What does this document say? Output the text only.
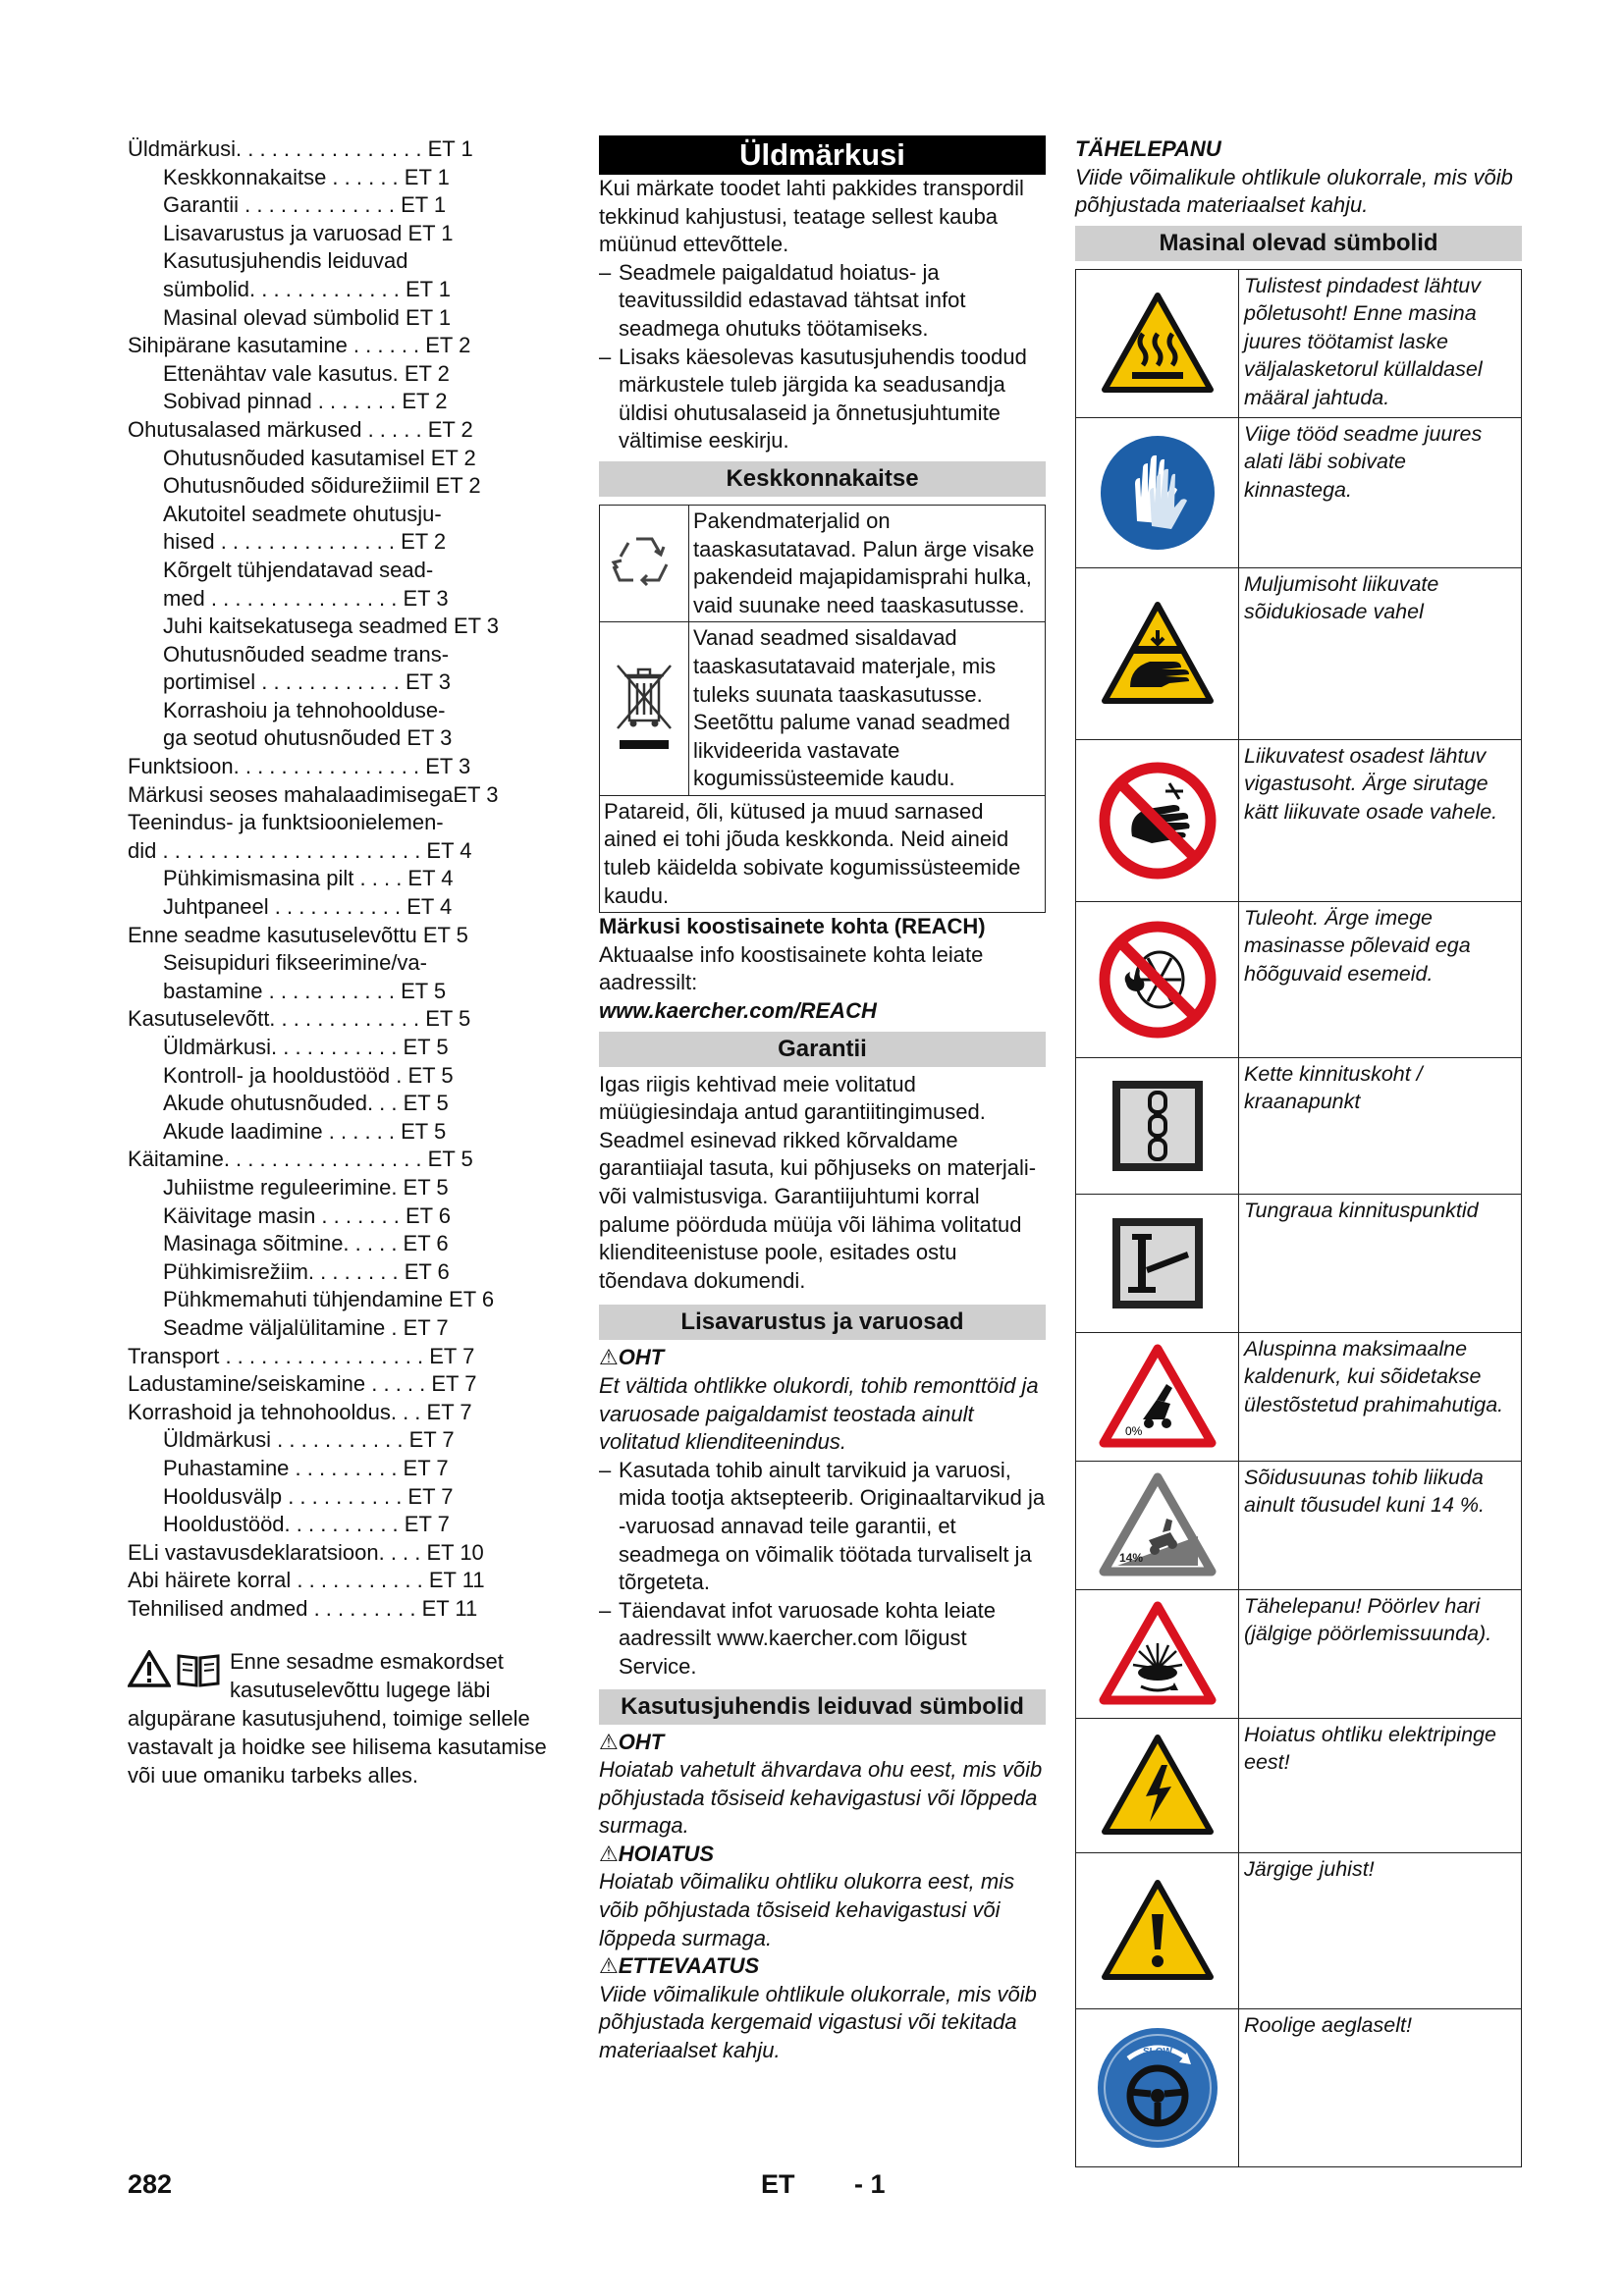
Üldmärkusi. . . . . . . . . . . . . . . . ET 1
Keskkonnakaitse . . . . . . ET 1
Garantii . . . . . . . . . . . . . ET 1
Lisavarustus ja varuosad ET 1
Kasutusjuhendis leiduvad
sümbolid. . . . . . . . . . . . . ET 1
Masinal olevad sümbolid ET 1
Sihipärane kasutamine . . . . . . ET 2
Ettenähtav vale kasutus. ET 2
Sobivad pinnad . . . . . . . ET 2
Ohutusalased märkused . . . . . ET 2
Ohutusnõuded kasutamisel ET 2
Ohutusnõuded sõidurežiimil ET 2
Akutoitel seadmete ohutusju-
hised . . . . . . . . . . . . . . . ET 2
Kõrgelt tühjendatavad sead-
med . . . . . . . . . . . . . . . . ET 3
Juhi kaitsekatusega seadmed ET 3
Ohutusnõuded seadme trans-
portimisel . . . . . . . . . . . . ET 3
Korrashoiu ja tehnohoolduse-
ga seotud ohutusnõuded ET 3
Funktsioon. . . . . . . . . . . . . . . . ET 3
Märkusi seoses mahalaadimisegaET 3
Teenindus- ja funktsioonielemen-
did . . . . . . . . . . . . . . . . . . . . . . ET 4
Pühkimismasina pilt . . . . ET 4
Juhtpaneel . . . . . . . . . . . ET 4
Enne seadme kasutuselevõttu ET 5
Seisupiduri fikseerimine/va-
bastamine . . . . . . . . . . . ET 5
Kasutuselevõtt. . . . . . . . . . . . . ET 5
Üldmärkusi. . . . . . . . . . . ET 5
Kontroll- ja hooldustööd . ET 5
Akude ohutusnõuded. . . ET 5
Akude laadimine . . . . . . ET 5
Käitamine. . . . . . . . . . . . . . . . . ET 5
Juhiistme reguleerimine. ET 5
Käivitage masin . . . . . . . ET 6
Masinaga sõitmine. . . . . ET 6
Pühkimisrežiim. . . . . . . . ET 6
Pühkmemahuti tühjendamine ET 6
Seadme väljalülitamine . ET 7
Transport . . . . . . . . . . . . . . . . . ET 7
Ladustamine/seiskamine . . . . . ET 7
Korrashoid ja tehnohooldus. . . ET 7
Üldmärkusi . . . . . . . . . . . ET 7
Puhastamine . . . . . . . . . ET 7
Hooldusvälp . . . . . . . . . . ET 7
Hooldustööd. . . . . . . . . . ET 7
ELi vastavusdeklaratsioon. . . . ET 10
Abi häirete korral . . . . . . . . . . . ET 11
Tehnilised andmed . . . . . . . . . ET 11
Enne sesadme esmakordset kasutuselevõttu lugege läbi algupärane kasutusjuhend, toimige sellele vastavalt ja hoidke see hilisema kasutamise või uue omaniku tarbeks alles.
Üldmärkusi

Kui märkate toodet lahti pakkides transpordil tekkinud kahjustusi, teatage sellest kauba müünud ettevõttele.

– Seadmele paigaldatud hoiatus- ja teavitussildid edastavad tähtsat infot seadmega ohutuks töötamiseks.

– Lisaks käesolevas kasutusjuhendis toodud märkustele tuleb järgida ka seadusandja üldisi ohutusalaseid ja õnnetusjuhtumite vältimise eeskirju.

Keskkonnakaitse
Pakendmaterjalid on taaskasutatavad. Palun ärge visake pakendeid majapidamisprahi hulka, vaid suunake need taaskasutusse.
Vanad seadmed sisaldavad taaskasutatavaid materjale, mis tuleks suunata taaskasutusse. Seetõttu palume vanad seadmed likvideerida vastavate kogumissüsteemide kaudu.
Patareid, õli, kütused ja muud sarnased ained ei tohi jõuda keskkonda. Neid aineid tuleb käidelda sobivate kogumissüsteemide kaudu.

Märkusi koostisainete kohta (REACH)

Aktuaalse info koostisainete kohta leiate aadressilt:

www.kaercher.com/REACH

Garantii

Igas riigis kehtivad meie volitatud müügiesindaja antud garantiitingimused. Seadmel esinevad rikked kõrvaldame garantiiajal tasuta, kui põhjuseks on materjali- või valmistusviga. Garantiijuhtumi korral palume pöörduda müüja või lähima volitatud klienditeenistuse poole, esitades ostu tõendava dokumendi.

Lisavarustus ja varuosad

⚠OHT

Et vältida ohtlikke olukordi, tohib remonttöid ja varuosade paigaldamist teostada ainult volitatud klienditeenindus.

– Kasutada tohib ainult tarvikuid ja varuosi, mida tootja aktsepteerib. Originaaltarvikud ja -varuosad annavad teile garantii, et seadmega on võimalik töötada turvaliselt ja tõrgeteta.

– Täiendavat infot varuosade kohta leiate aadressilt www.kaercher.com lõigust Service.

Kasutusjuhendis leiduvad sümbolid

⚠OHT

Hoiatab vahetult ähvardava ohu eest, mis võib põhjustada tõsiseid kehavigastusi või lõppeda surmaga.

⚠HOIATUS

Hoiatab võimaliku ohtliku olukorra eest, mis võib põhjustada tõsiseid kehavigastusi või lõppeda surmaga.

⚠ETTEVAATUS

Viide võimalikule ohtlikule olukorrale, mis võib põhjustada kergemaid vigastusi või tekitada materiaalset kahju.

TÄHELEPANU

Viide võimalikule ohtlikule olukorrale, mis võib põhjustada materiaalset kahju.

Masinal olevad sümbolid
Tulistest pindadest lähtuv põletusoht! Enne masina juures töötamist laske väljalasketorul küllaldasel määral jahtuda.
Viige tööd seadme juures alati läbi sobivate kinnastega.
Muljumisoht liikuvate sõidukiosade vahel
Liikuvatest osadest lähtuv vigastusoht. Ärge sirutage kätt liikuvate osade vahele.
Tuleoht. Ärge imege masinasse põlevaid ega hõõguvaid esemeid.
Kette kinnituskoht / kraanapunkt
Tungraua kinnituspunktid
0%
Aluspinna maksimaalne kaldenurk, kui sõidetakse ülestõstetud prahimahutiga.
14%
Sõidusuunas tohib liikuda ainult tõusudel kuni 14 %.
Tähelepanu! Pöörlev hari (jälgige pöörlemissuunda).
Hoiatus ohtliku elektripinge eest!
Järgige juhist!
SLOW
Roolige aeglaselt!
282	ET - 1
